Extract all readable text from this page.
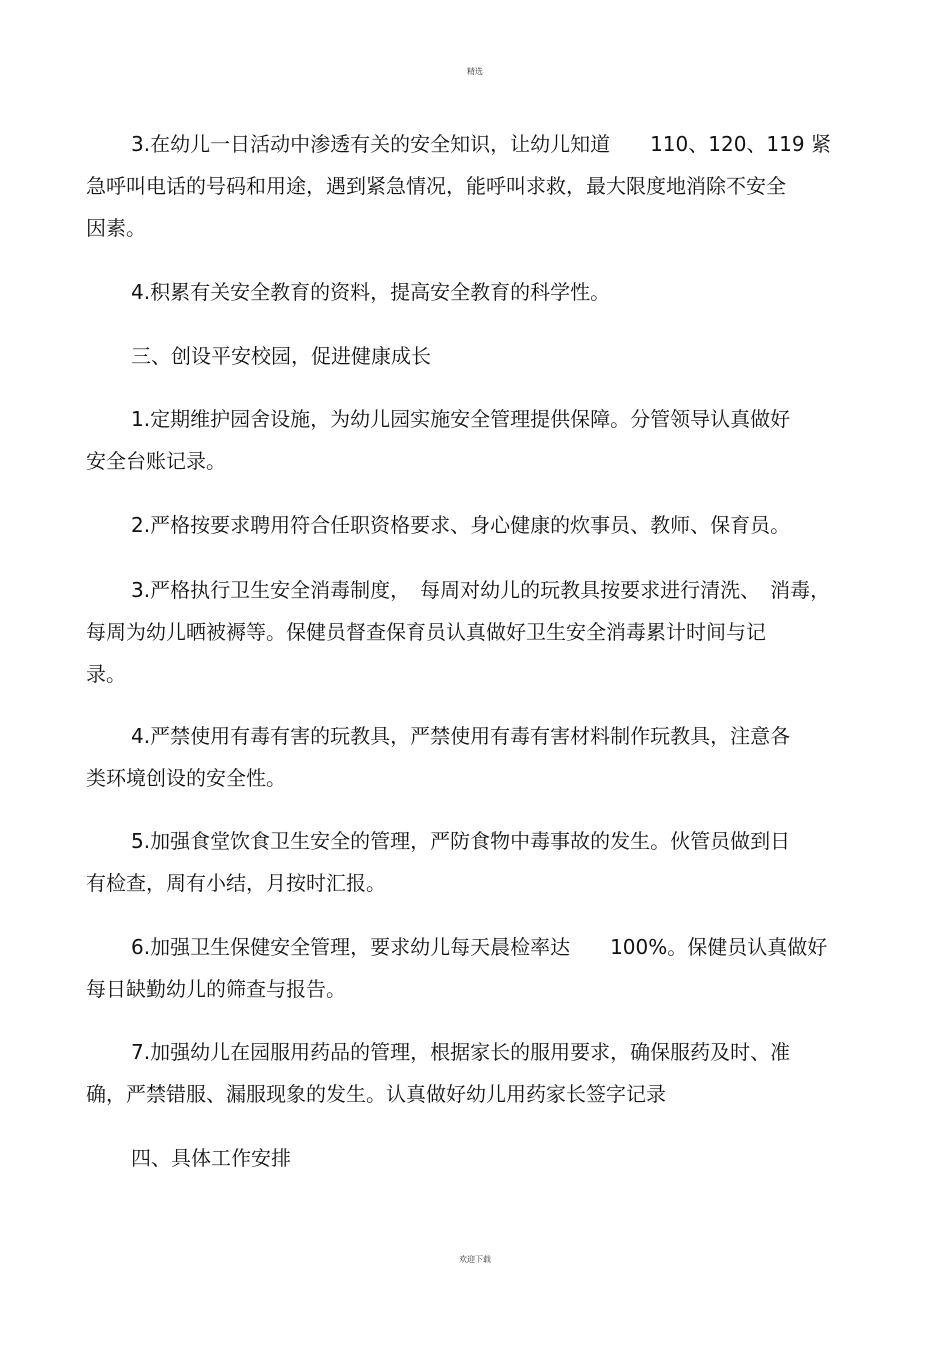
精选
3.在幼儿一日活动中渗透有关的安全知识，让幼儿知道　　110、120、119 紧
急呼叫电话的号码和用途，遇到紧急情况，能呼叫求救，最大限度地消除不安全
因素。
4.积累有关安全教育的资料，提高安全教育的科学性。
三、创设平安校园，促进健康成长
1.定期维护园舍设施，为幼儿园实施安全管理提供保障。分管领导认真做好
安全台账记录。
2.严格按要求聘用符合任职资格要求、身心健康的炊事员、教师、保育员。
3.严格执行卫生安全消毒制度，　每周对幼儿的玩教具按要求进行清洗、　消毒，
每周为幼儿晒被褥等。保健员督查保育员认真做好卫生安全消毒累计时间与记
录。
4.严禁使用有毒有害的玩教具，严禁使用有毒有害材料制作玩教具，注意各
类环境创设的安全性。
5.加强食堂饮食卫生安全的管理，严防食物中毒事故的发生。伙管员做到日
有检查，周有小结，月按时汇报。
6.加强卫生保健安全管理，要求幼儿每天晨检率达　　100%。保健员认真做好
每日缺勤幼儿的筛查与报告。
7.加强幼儿在园服用药品的管理，根据家长的服用要求，确保服药及时、准
确，严禁错服、漏服现象的发生。认真做好幼儿用药家长签字记录
四、具体工作安排
欢迎下载
